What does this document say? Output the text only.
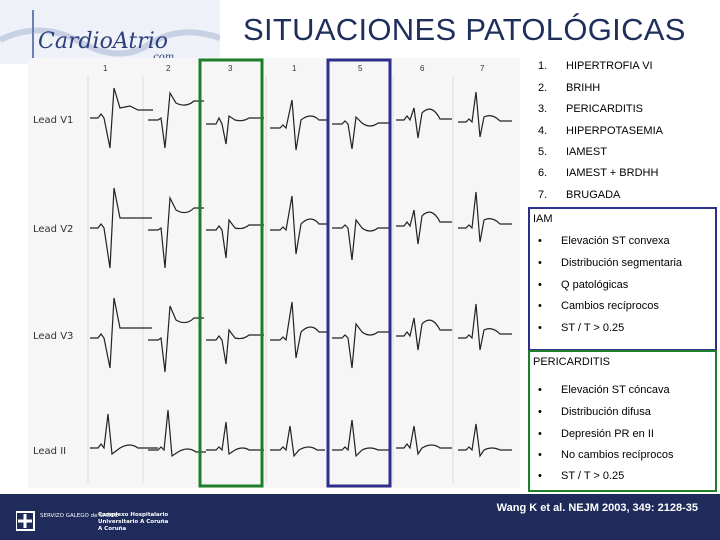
CardioAtrio SITUACIONES PATOLÓGICAS
1	2	3	1	5	6	7
Lead V1
Lead V2
Lead V3
Lead II
1. HIPERTROFIA VI
2. BRIHH
3. PERICARDITIS
4. HIPERPOTASEMIA
5. IAMEST
6. IAMEST + BRDHH
7. BRUGADA
IAM
• Elevación ST convexa
• Distribución segmentaria
• Q patológicas
• Cambios recíprocos
• ST / T > 0.25
PERICARDITIS
• Elevación ST cóncava
• Distribución difusa
• Depresión PR en II
• No cambios recíprocos
• ST / T > 0.25
Wang K et al. NEJM 2003, 349: 2128-35
SERVIZO GALEGO de SAÚDE
Complexo Hospitalario
Universitario A Coruña
A Coruña
